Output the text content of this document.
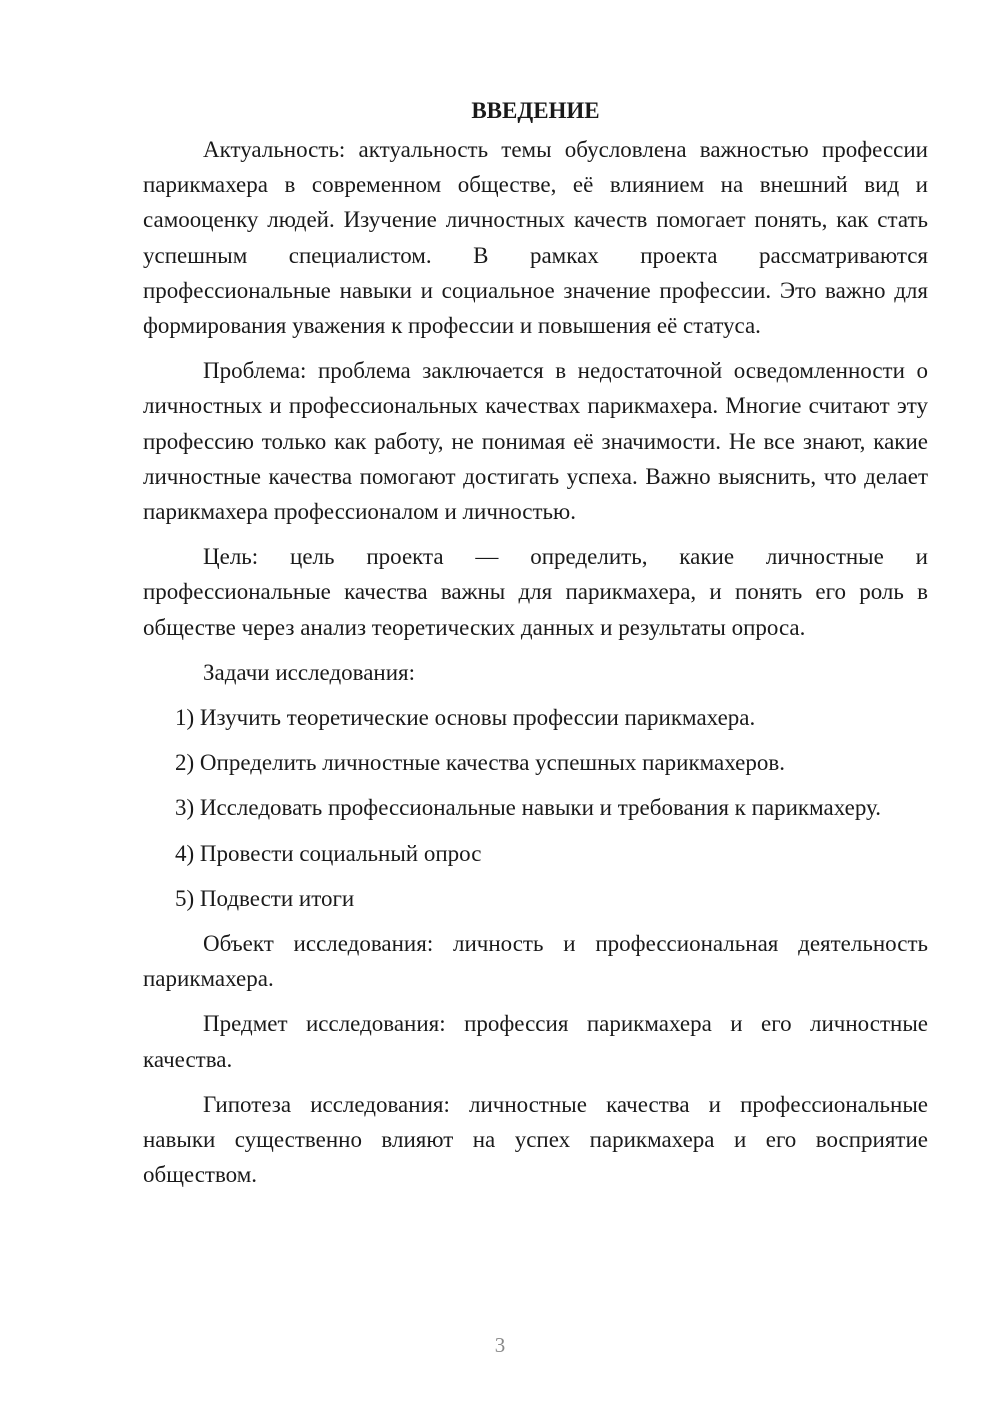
ВВЕДЕНИЕ

Актуальность: актуальность темы обусловлена важностью профессии парикмахера в современном обществе, её влиянием на внешний вид и самооценку людей. Изучение личностных качеств помогает понять, как стать успешным специалистом. В рамках проекта рассматриваются профессиональные навыки и социальное значение профессии. Это важно для формирования уважения к профессии и повышения её статуса.

Проблема: проблема заключается в недостаточной осведомленности о личностных и профессиональных качествах парикмахера. Многие считают эту профессию только как работу, не понимая её значимости. Не все знают, какие личностные качества помогают достигать успеха. Важно выяснить, что делает парикмахера профессионалом и личностью.

Цель: цель проекта — определить, какие личностные и профессиональные качества важны для парикмахера, и понять его роль в обществе через анализ теоретических данных и результаты опроса.

Задачи исследования:

1) Изучить теоретические основы профессии парикмахера.

2) Определить личностные качества успешных парикмахеров.

3) Исследовать профессиональные навыки и требования к парикмахеру.

4) Провести социальный опрос

5) Подвести итоги

Объект исследования: личность и профессиональная деятельность парикмахера.

Предмет исследования: профессия парикмахера и его личностные качества.

Гипотеза исследования: личностные качества и профессиональные навыки существенно влияют на успех парикмахера и его восприятие обществом.

3
